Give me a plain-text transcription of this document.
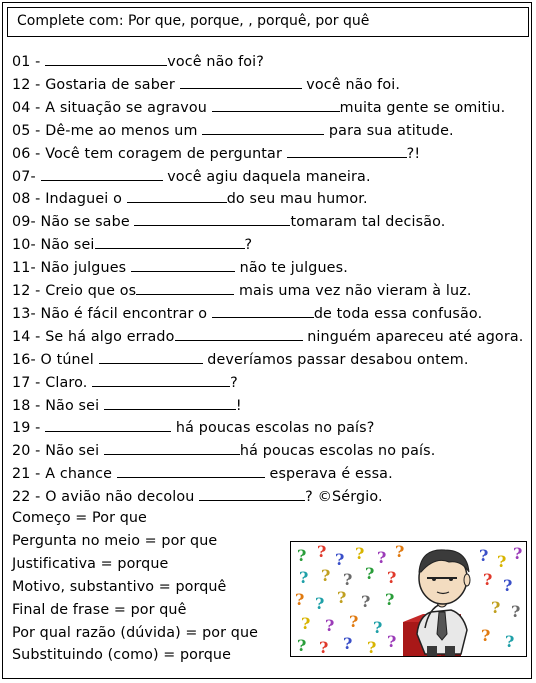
Complete com: Por que, porque, , porquê, por quê
01 -	você não foi?
12 - Gostaria de saber	você não foi.
04 - A situação se agravou	muita gente se omitiu.
05 - Dê-me ao menos um	para sua atitude.
06 - Você tem coragem de perguntar	?!
07-	você agiu daquela maneira.
08 - Indaguei o	do seu mau humor.
09- Não se sabe	tomaram tal decisão.
10- Não sei	?
11- Não julgues	não te julgues.
12 - Creio que os	mais uma vez não vieram à luz.
13- Não é fácil encontrar o	de toda essa confusão.
14 - Se há algo errado	ninguém apareceu até agora.
16- O túnel	deveríamos passar desabou ontem.
17 - Claro.	?
18 - Não sei	!
19 -	há poucas escolas no país?
20 - Não sei	há poucas escolas no país.
21 - A chance	esperava é essa.
22 - O avião não decolou	? ©Sérgio.
Começo = Por que
Pergunta no meio = por que
Justificativa = porque
Motivo, substantivo = porquê
Final de frase = por quê
Por qual razão (dúvida) = por que
Substituindo (como) = porque
? ? ? ? ? ?
? ? ? ? ?
? ? ?
? ? ? ? ?
? ?
? ? ? ?
? ?
? ? ? ? ?	? ?
